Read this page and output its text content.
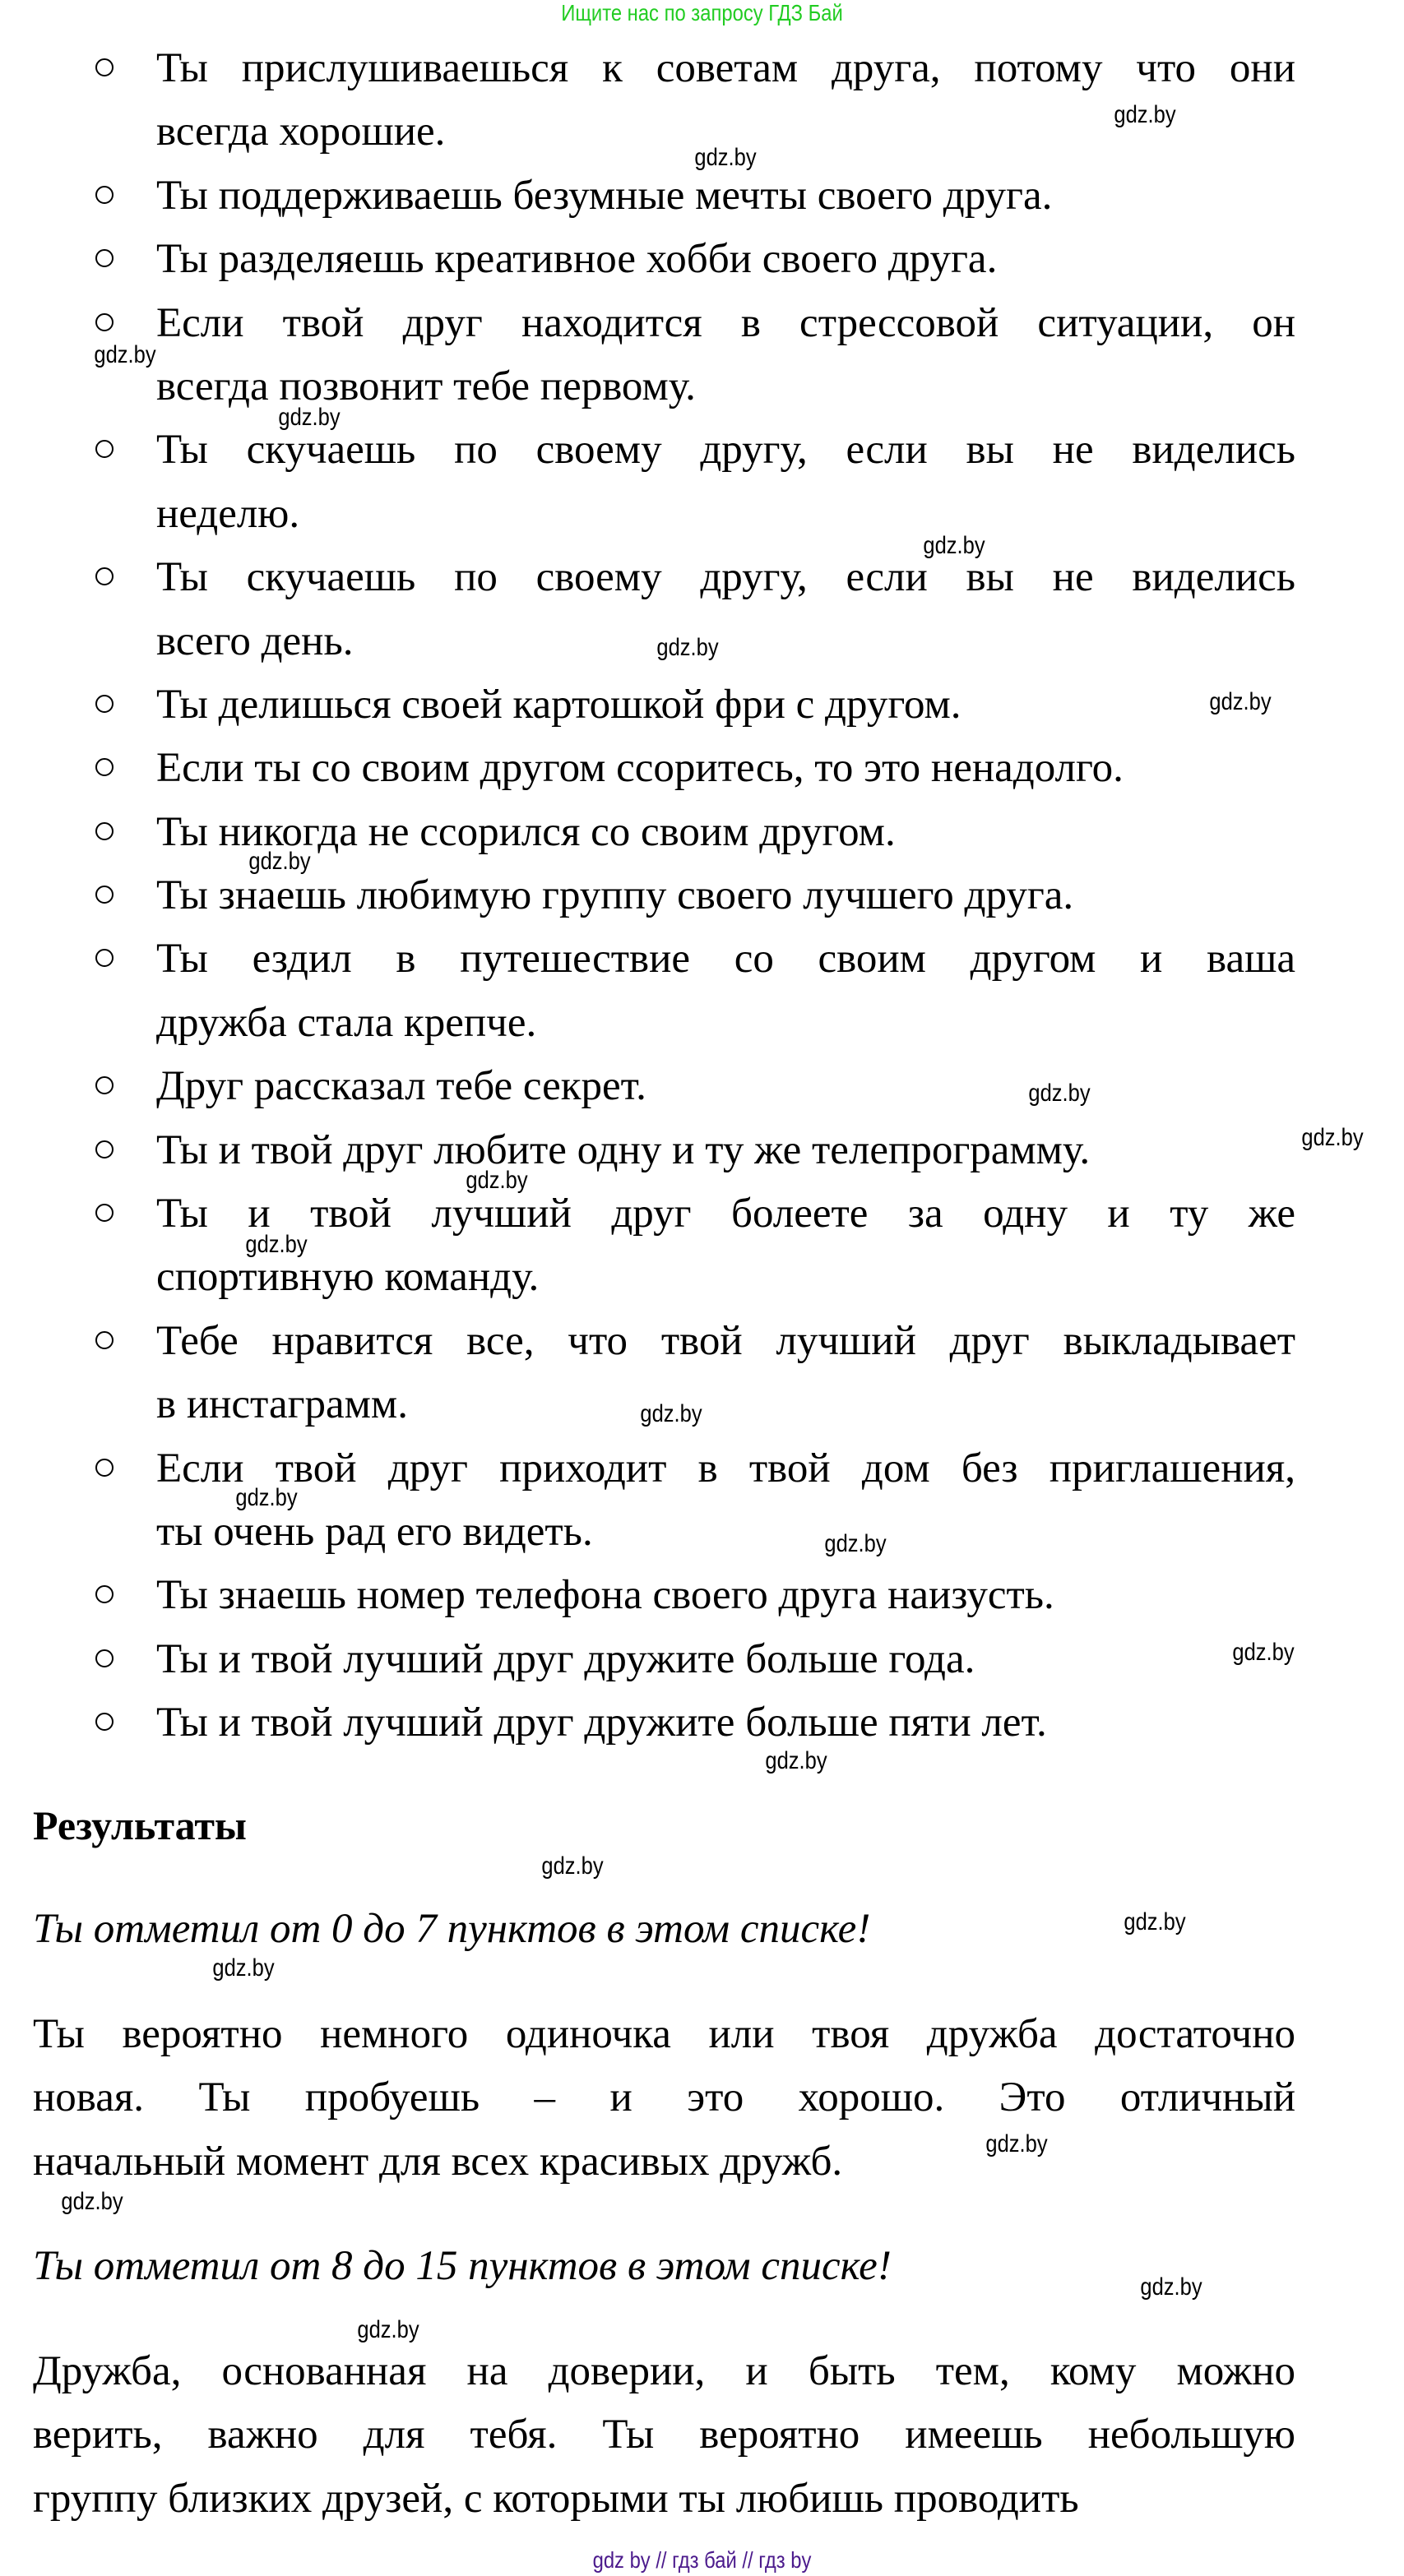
Ищите нас по запросу ГДЗ Бай
Ты прислушиваешься к советам друга, потому что они
всегда хорошие.
Ты поддерживаешь безумные мечты своего друга.
Ты разделяешь креативное хобби своего друга.
Если твой друг находится в стрессовой ситуации, он
всегда позвонит тебе первому.
Ты скучаешь по своему другу, если вы не виделись
неделю.
Ты скучаешь по своему другу, если вы не виделись
всего день.
Ты делишься своей картошкой фри с другом.
Если ты со своим другом ссоритесь, то это ненадолго.
Ты никогда не ссорился со своим другом.
Ты знаешь любимую группу своего лучшего друга.
Ты ездил в путешествие со своим другом и ваша
дружба стала крепче.
Друг рассказал тебе секрет.
Ты и твой друг любите одну и ту же телепрограмму.
Ты и твой лучший друг болеете за одну и ту же
спортивную команду.
Тебе нравится все, что твой лучший друг выкладывает
в инстаграмм.
Если твой друг приходит в твой дом без приглашения,
ты очень рад его видеть.
Ты знаешь номер телефона своего друга наизусть.
Ты и твой лучший друг дружите больше года.
Ты и твой лучший друг дружите больше пяти лет.
Результаты
Ты отметил от 0 до 7 пунктов в этом списке!
Ты вероятно немного одиночка или твоя дружба достаточно
новая. Ты пробуешь – и это хорошо. Это отличный
начальный момент для всех красивых дружб.
Ты отметил от 8 до 15 пунктов в этом списке!
Дружба, основанная на доверии, и быть тем, кому можно
верить, важно для тебя. Ты вероятно имеешь небольшую
группу близких друзей, с которыми ты любишь проводить
gdz.by
gdz.by
gdz.by
gdz.by
gdz.by
gdz.by
gdz.by
gdz.by
gdz.by
gdz.by
gdz.by
gdz.by
gdz.by
gdz.by
gdz.by
gdz.by
gdz.by
gdz.by
gdz.by
gdz.by
gdz.by
gdz.by
gdz.by
gdz.by
gdz by // гдз бай // гдз by
